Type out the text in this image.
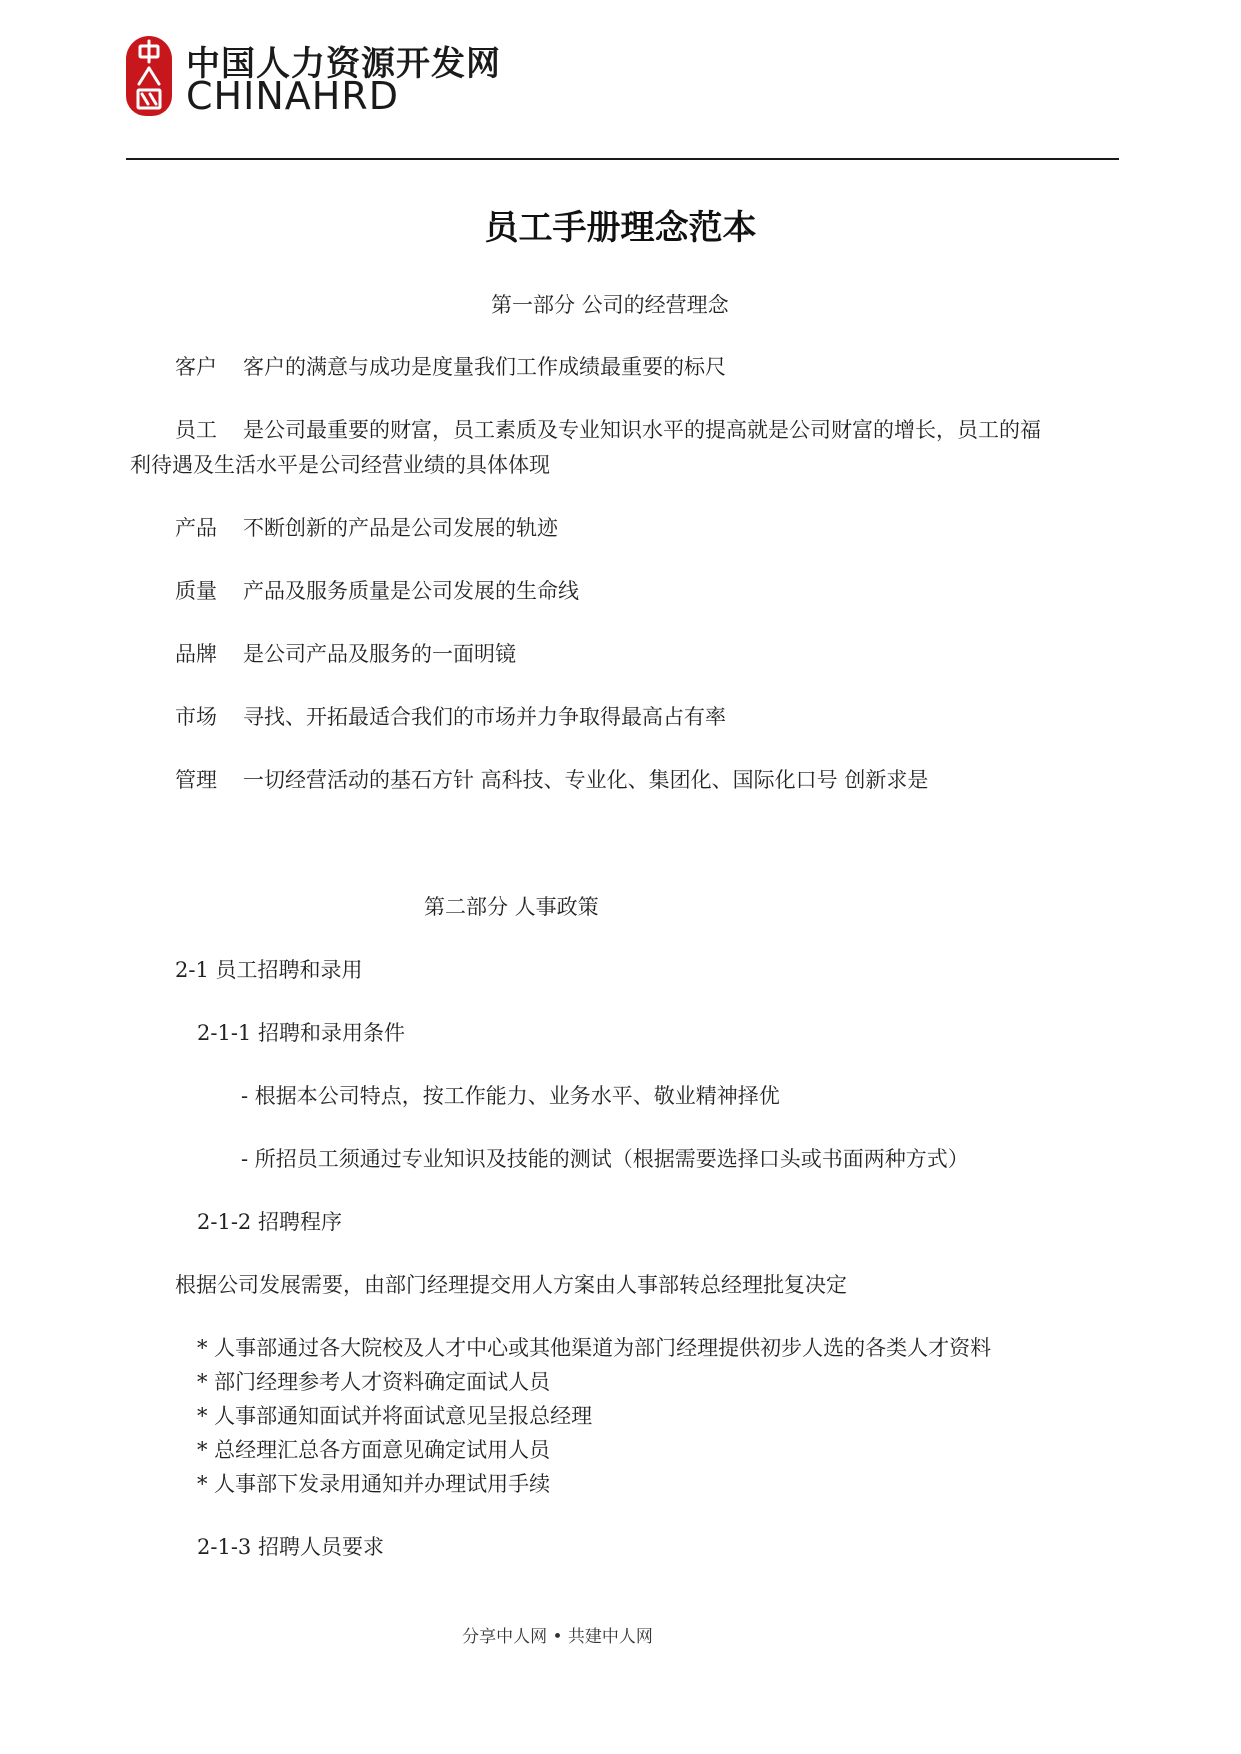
中国人力资源开发网
CHINAHRD
员工手册理念范本
第一部分 公司的经营理念
客户 客户的满意与成功是度量我们工作成绩最重要的标尺
员工 是公司最重要的财富，员工素质及专业知识水平的提高就是公司财富的增长，员工的福
利待遇及生活水平是公司经营业绩的具体体现
产品 不断创新的产品是公司发展的轨迹
质量 产品及服务质量是公司发展的生命线
品牌 是公司产品及服务的一面明镜
市场 寻找、开拓最适合我们的市场并力争取得最高占有率
管理 一切经营活动的基石方针 高科技、专业化、集团化、国际化口号 创新求是
第二部分 人事政策
2-1 员工招聘和录用
2-1-1 招聘和录用条件
- 根据本公司特点，按工作能力、业务水平、敬业精神择优
- 所招员工须通过专业知识及技能的测试（根据需要选择口头或书面两种方式）
2-1-2 招聘程序
根据公司发展需要，由部门经理提交用人方案由人事部转总经理批复决定
* 人事部通过各大院校及人才中心或其他渠道为部门经理提供初步人选的各类人才资料
* 部门经理参考人才资料确定面试人员
* 人事部通知面试并将面试意见呈报总经理
* 总经理汇总各方面意见确定试用人员
* 人事部下发录用通知并办理试用手续
2-1-3 招聘人员要求
分享中人网 • 共建中人网
